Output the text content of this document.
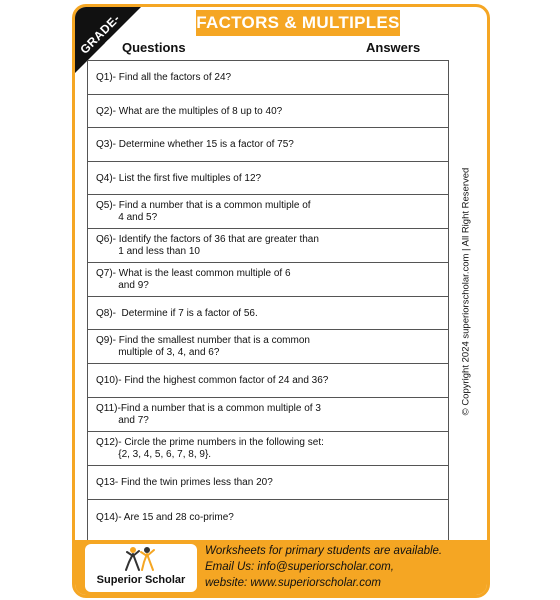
GRADE- 5
FACTORS & MULTIPLES
Questions	Answers
Q1)- Find all the factors of 24?
Q2)- What are the multiples of 8 up to 40?
Q3)- Determine whether 15 is a factor of 75?
Q4)- List the first five multiples of 12?
Q5)- Find a number that is a common multiple of
4 and 5?
Q6)- Identify the factors of 36 that are greater than
1 and less than 10
Q7)- What is the least common multiple of 6
and 9?
Q8)-  Determine if 7 is a factor of 56.
Q9)- Find the smallest number that is a common
multiple of 3, 4, and 6?
Q10)- Find the highest common factor of 24 and 36?
Q11)-Find a number that is a common multiple of 3
and 7?
Q12)- Circle the prime numbers in the following set:
{2, 3, 4, 5, 6, 7, 8, 9}.
Q13- Find the twin primes less than 20?
Q14)- Are 15 and 28 co-prime?
© Copyright 2024 superiorscholar.com | All Right Reserved
Superior Scholar
Worksheets for primary students are available.
Email Us: info@superiorscholar.com,
website: www.superiorscholar.com
